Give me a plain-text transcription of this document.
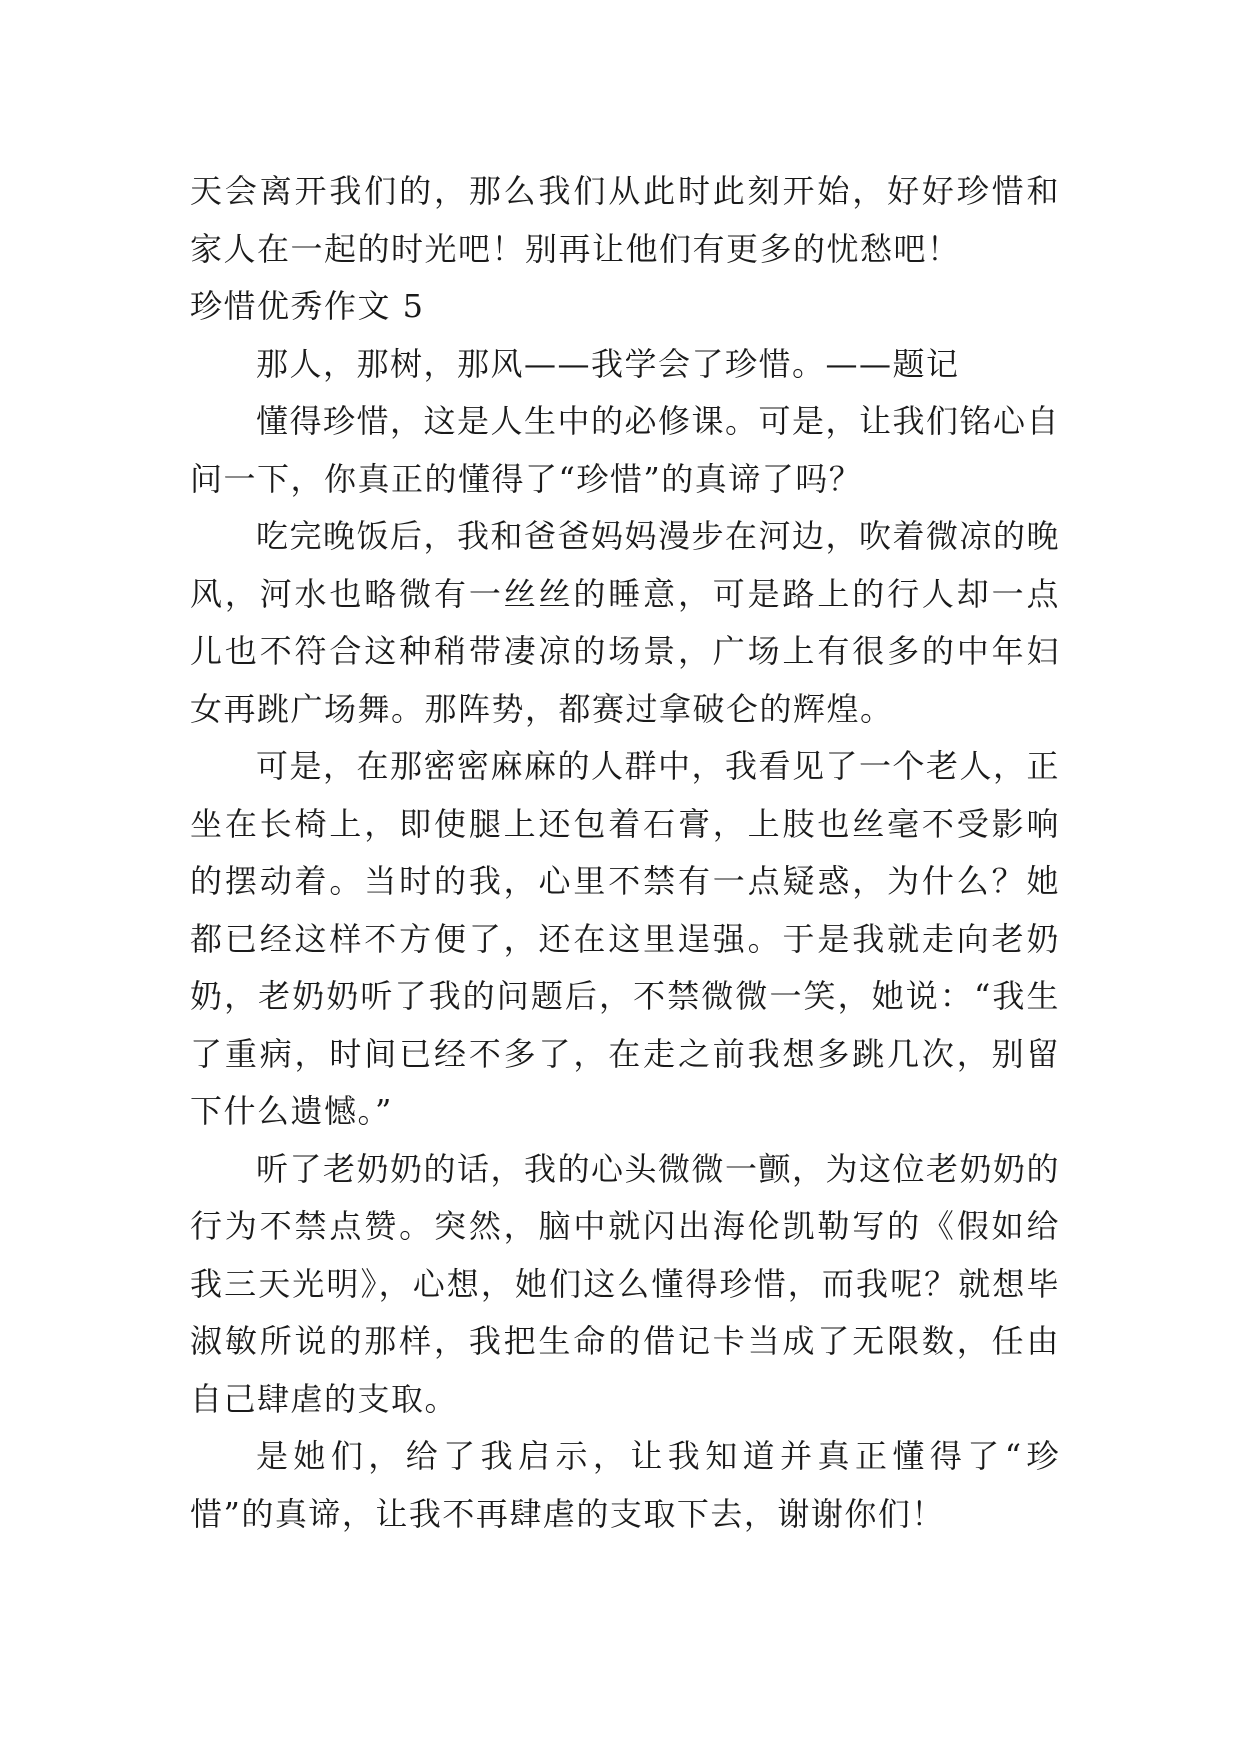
天会离开我们的，那么我们从此时此刻开始，好好珍惜和家人在一起的时光吧！别再让他们有更多的忧愁吧！

珍惜优秀作文 5

那人，那树，那风——我学会了珍惜。——题记

懂得珍惜，这是人生中的必修课。可是，让我们铭心自问一下，你真正的懂得了“珍惜”的真谛了吗？

吃完晚饭后，我和爸爸妈妈漫步在河边，吹着微凉的晚风，河水也略微有一丝丝的睡意，可是路上的行人却一点儿也不符合这种稍带凄凉的场景，广场上有很多的中年妇女再跳广场舞。那阵势，都赛过拿破仑的辉煌。

可是，在那密密麻麻的人群中，我看见了一个老人，正坐在长椅上，即使腿上还包着石膏，上肢也丝毫不受影响的摆动着。当时的我，心里不禁有一点疑惑，为什么？她都已经这样不方便了，还在这里逞强。于是我就走向老奶奶，老奶奶听了我的问题后，不禁微微一笑，她说：“我生了重病，时间已经不多了，在走之前我想多跳几次，别留下什么遗憾。”

听了老奶奶的话，我的心头微微一颤，为这位老奶奶的行为不禁点赞。突然，脑中就闪出海伦凯勒写的《假如给我三天光明》，心想，她们这么懂得珍惜，而我呢？就想毕淑敏所说的那样，我把生命的借记卡当成了无限数，任由自己肆虐的支取。

是她们，给了我启示，让我知道并真正懂得了“珍惜”的真谛，让我不再肆虐的支取下去，谢谢你们！
